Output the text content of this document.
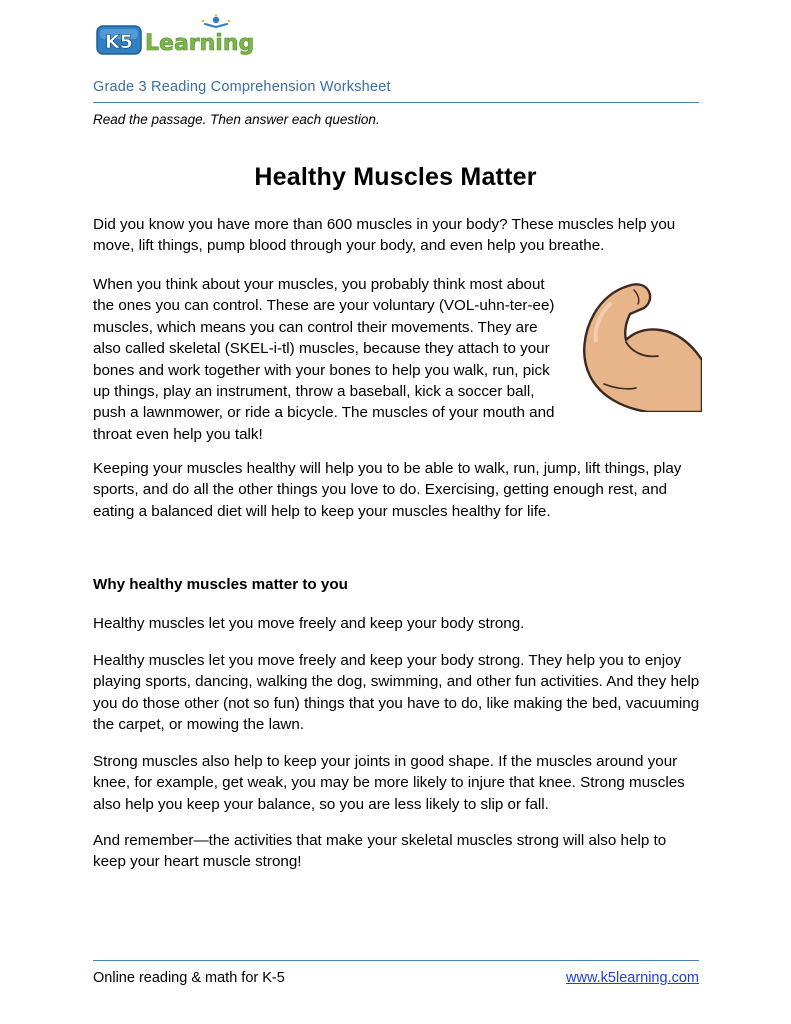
K5 Learning
Grade 3 Reading Comprehension Worksheet
Read the passage. Then answer each question.
Healthy Muscles Matter

Did you know you have more than 600 muscles in your body? These muscles help you move, lift things, pump blood through your body, and even help you breathe.

When you think about your muscles, you probably think most about the ones you can control. These are your voluntary (VOL-uhn-ter-ee) muscles, which means you can control their movements. They are also called skeletal (SKEL-i-tl) muscles, because they attach to your bones and work together with your bones to help you walk, run, pick up things, play an instrument, throw a baseball, kick a soccer ball, push a lawnmower, or ride a bicycle. The muscles of your mouth and throat even help you talk!

Keeping your muscles healthy will help you to be able to walk, run, jump, lift things, play sports, and do all the other things you love to do. Exercising, getting enough rest, and eating a balanced diet will help to keep your muscles healthy for life.

Why healthy muscles matter to you

Healthy muscles let you move freely and keep your body strong.

Healthy muscles let you move freely and keep your body strong. They help you to enjoy playing sports, dancing, walking the dog, swimming, and other fun activities. And they help you do those other (not so fun) things that you have to do, like making the bed, vacuuming the carpet, or mowing the lawn.

Strong muscles also help to keep your joints in good shape. If the muscles around your knee, for example, get weak, you may be more likely to injure that knee. Strong muscles also help you keep your balance, so you are less likely to slip or fall.

And remember—the activities that make your skeletal muscles strong will also help to keep your heart muscle strong!

Online reading & math for K-5	www.k5learning.com
